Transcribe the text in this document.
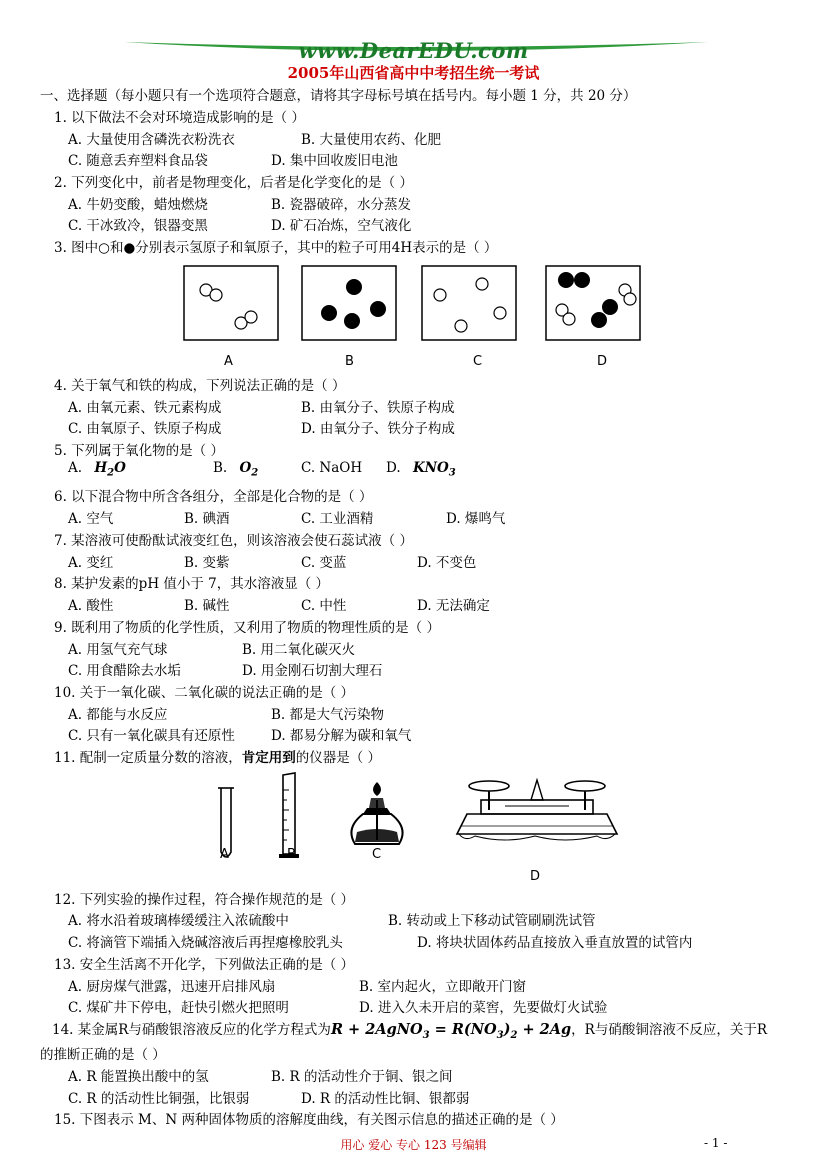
www.DearEDU.com
2005年山西省高中中考招生统一考试
一、选择题（每小题只有一个选项符合题意，请将其字母标号填在括号内。每小题 1 分，共 20 分）
1. 以下做法不会对环境造成影响的是（ ）
A. 大量使用含磷洗衣粉洗衣	B. 大量使用农药、化肥
C. 随意丢弃塑料食品袋	D. 集中回收废旧电池
2. 下列变化中，前者是物理变化，后者是化学变化的是（ ）
A. 牛奶变酸，蜡烛燃烧	B. 瓷器破碎，水分蒸发
C. 干冰致冷，银器变黑	D. 矿石冶炼，空气液化
3. 图中○和●分别表示氢原子和氧原子，其中的粒子可用4H表示的是（ ）
A	B	C	D
4. 关于氧气和铁的构成，下列说法正确的是（ ）
A. 由氧元素、铁元素构成	B. 由氧分子、铁原子构成
C. 由氧原子、铁原子构成	D. 由氧分子、铁分子构成
5. 下列属于氧化物的是（ ）
A. $H_2O$	B. $O_2$	C. NaOH D. $KNO_3$
6. 以下混合物中所含各组分，全部是化合物的是（ ）
A. 空气	B. 碘酒	C. 工业酒精	D. 爆鸣气
7. 某溶液可使酚酞试液变红色，则该溶液会使石蕊试液（ ）
A. 变红	B. 变紫	C. 变蓝	D. 不变色
8. 某护发素的pH 值小于 7，其水溶液显（ ）
A. 酸性	B. 碱性	C. 中性	D. 无法确定
9. 既利用了物质的化学性质，又利用了物质的物理性质的是（ ）
A. 用氢气充气球	B. 用二氧化碳灭火
C. 用食醋除去水垢	D. 用金刚石切割大理石
10. 关于一氧化碳、二氧化碳的说法正确的是（ ）
A. 都能与水反应	B. 都是大气污染物
C. 只有一氧化碳具有还原性	D. 都易分解为碳和氧气
11. 配制一定质量分数的溶液，肯定用到的仪器是（ ）
A	B	C
D
12. 下列实验的操作过程，符合操作规范的是（ ）
A. 将水沿着玻璃棒缓缓注入浓硫酸中	B. 转动或上下移动试管刷刷洗试管
C. 将滴管下端插入烧碱溶液后再捏瘪橡胶乳头	D. 将块状固体药品直接放入垂直放置的试管内
13. 安全生活离不开化学，下列做法正确的是（ ）
A. 厨房煤气泄露，迅速开启排风扇	B. 室内起火，立即敞开门窗
C. 煤矿井下停电，赶快引燃火把照明	D. 进入久未开启的菜窖，先要做灯火试验
14. 某金属R与硝酸银溶液反应的化学方程式为R + 2AgNO$_3$ = $R(NO_3)_2 + 2Ag$，R与硝酸铜溶液不反应，关于R
的推断正确的是（ ）
A. R 能置换出酸中的氢	B. R 的活动性介于铜、银之间
C. R 的活动性比铜强，比银弱	D. R 的活动性比铜、银都弱
15. 下图表示 M、N 两种固体物质的溶解度曲线，有关图示信息的描述正确的是（ ）
用心 爱心 专心 123 号编辑	- 1 -
